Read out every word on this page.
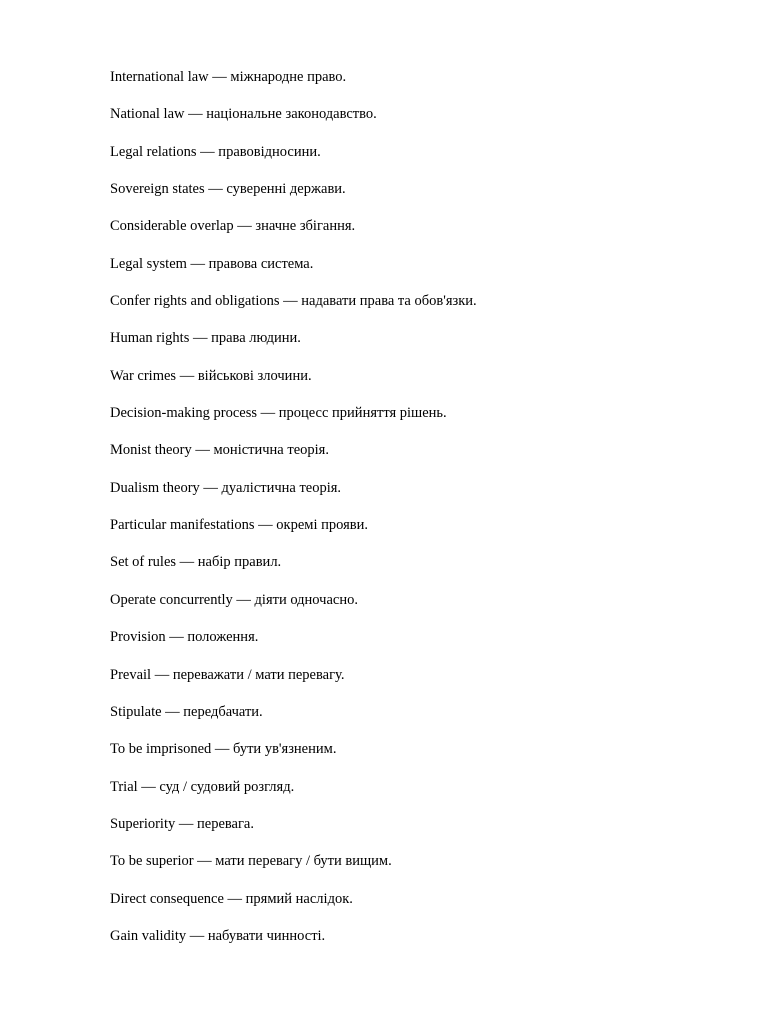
International law — міжнародне право.
National law — національне законодавство.
Legal relations — правовідносини.
Sovereign states — суверенні держави.
Considerable overlap — значне збігання.
Legal system — правова система.
Confer rights and obligations — надавати права та обов'язки.
Human rights — права людини.
War crimes — військові злочини.
Decision-making process — процесс прийняття рішень.
Monist theory — моністична теорія.
Dualism theory — дуалістична теорія.
Particular manifestations — окремі прояви.
Set of rules — набір правил.
Operate concurrently — діяти одночасно.
Provision — положення.
Prevail — переважати / мати перевагу.
Stipulate — передбачати.
To be imprisoned — бути ув'язненим.
Trial — суд / судовий розгляд.
Superiority — перевага.
To be superior — мати перевагу / бути вищим.
Direct consequence — прямий наслідок.
Gain validity — набувати чинності.
